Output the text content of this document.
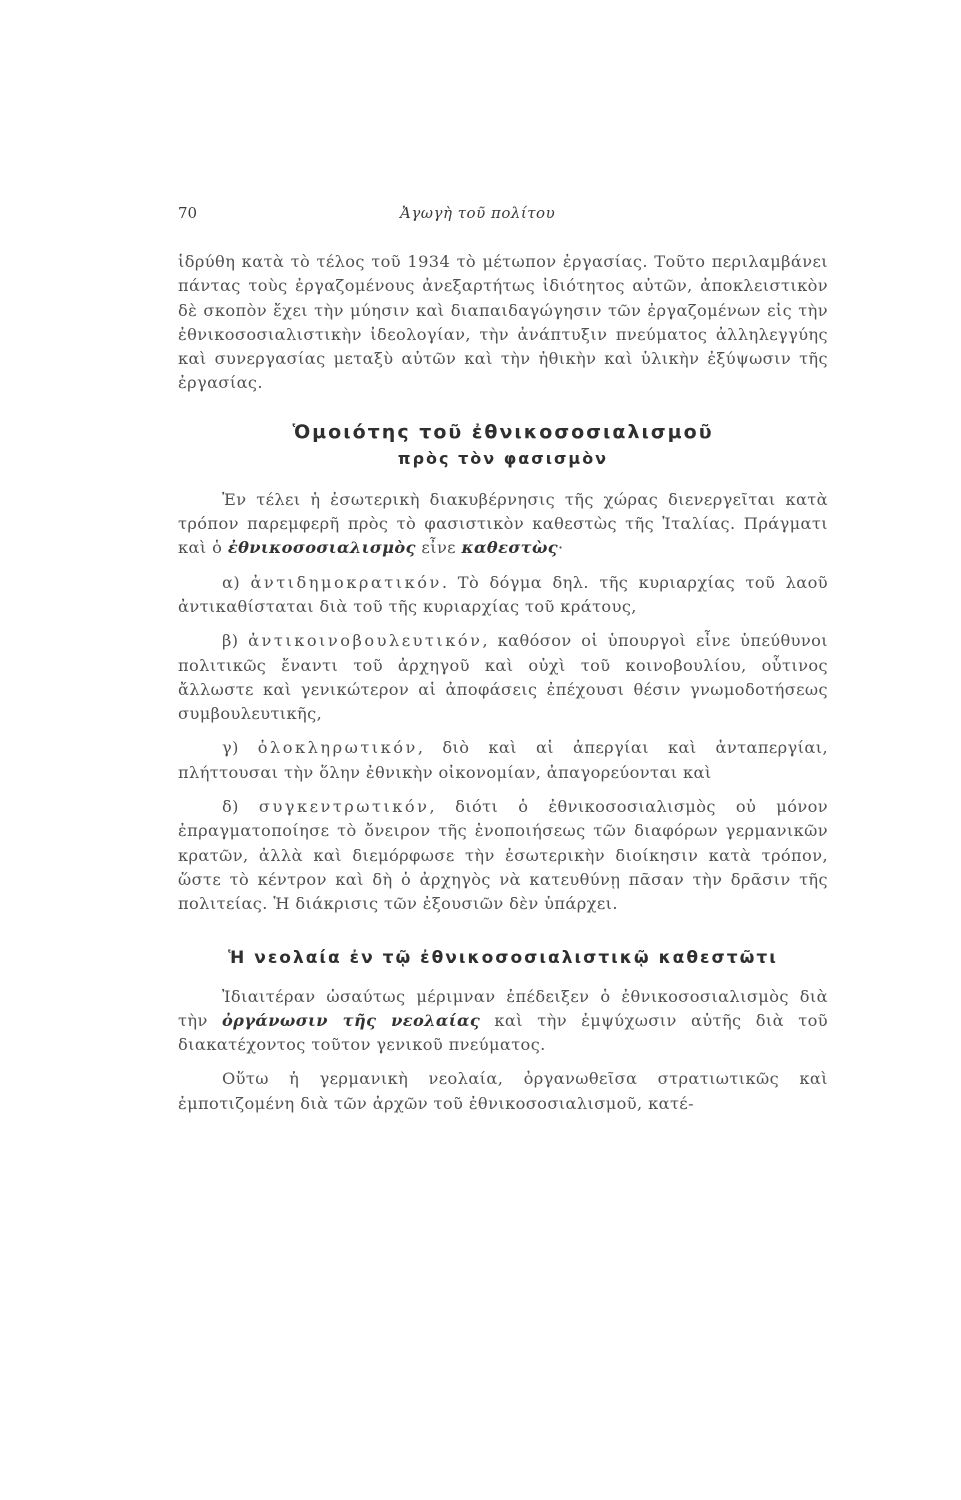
70	Ἀγωγὴ τοῦ πολίτου

ἱδρύθη κατὰ τὸ τέλος τοῦ 1934 τὸ μέτωπον ἐργασίας. Τοῦτο περιλαμβάνει πάντας τοὺς ἐργαζομένους ἀνεξαρτήτως ἰδιότητος αὐτῶν, ἀποκλειστικὸν δὲ σκοπὸν ἔχει τὴν μύησιν καὶ διαπαιδαγώγησιν τῶν ἐργαζομένων εἰς τὴν ἐθνικοσοσιαλιστικὴν ἰδεολογίαν, τὴν ἀνάπτυξιν πνεύματος ἀλληλεγγύης καὶ συνεργασίας μεταξὺ αὐτῶν καὶ τὴν ἠθικὴν καὶ ὑλικὴν ἐξύψωσιν τῆς ἐργασίας.

Ὁμοιότης τοῦ ἐθνικοσοσιαλισμοῦ
πρὸς τὸν φασισμὸν

Ἐν τέλει ἡ ἐσωτερικὴ διακυβέρνησις τῆς χώρας διενεργεῖται κατὰ τρόπον παρεμφερῆ πρὸς τὸ φασιστικὸν καθεστὼς τῆς Ἰταλίας. Πράγματι καὶ ὁ ἐθνικοσοσιαλισμὸς εἶνε καθεστὼς·

α) ἀντιδημοκρατικόν. Τὸ δόγμα δηλ. τῆς κυριαρχίας τοῦ λαοῦ ἀντικαθίσταται διὰ τοῦ τῆς κυριαρχίας τοῦ κράτους,

β) ἀντικοινοβουλευτικόν, καθόσον οἱ ὑπουργοὶ εἶνε ὑπεύθυνοι πολιτικῶς ἔναντι τοῦ ἀρχηγοῦ καὶ οὐχὶ τοῦ κοινοβουλίου, οὗτινος ἄλλωστε καὶ γενικώτερον αἱ ἀποφάσεις ἐπέχουσι θέσιν γνωμοδοτήσεως συμβουλευτικῆς,

γ) ὁλοκληρωτικόν, διὸ καὶ αἱ ἀπεργίαι καὶ ἀνταπεργίαι, πλήττουσαι τὴν ὅλην ἐθνικὴν οἰκονομίαν, ἀπαγορεύονται καὶ

δ) συγκεντρωτικόν, διότι ὁ ἐθνικοσοσιαλισμὸς οὐ μόνον ἐπραγματοποίησε τὸ ὄνειρον τῆς ἑνοποιήσεως τῶν διαφόρων γερμανικῶν κρατῶν, ἀλλὰ καὶ διεμόρφωσε τὴν ἐσωτερικὴν διοίκησιν κατὰ τρόπον, ὥστε τὸ κέντρον καὶ δὴ ὁ ἀρχηγὸς νὰ κατευθύνῃ πᾶσαν τὴν δρᾶσιν τῆς πολιτείας. Ἡ διάκρισις τῶν ἐξουσιῶν δὲν ὑπάρχει.

Ἡ νεολαία ἐν τῷ ἐθνικοσοσιαλιστικῷ καθεστῶτι

Ἰδιαιτέραν ὡσαύτως μέριμναν ἐπέδειξεν ὁ ἐθνικοσοσιαλισμὸς διὰ τὴν ὀργάνωσιν τῆς νεολαίας καὶ τὴν ἐμψύχωσιν αὐτῆς διὰ τοῦ διακατέχοντος τοῦτον γενικοῦ πνεύματος.

Οὕτω ἡ γερμανικὴ νεολαία, ὀργανωθεῖσα στρατιωτικῶς καὶ ἐμποτιζομένη διὰ τῶν ἀρχῶν τοῦ ἐθνικοσοσιαλισμοῦ, κατέ-
